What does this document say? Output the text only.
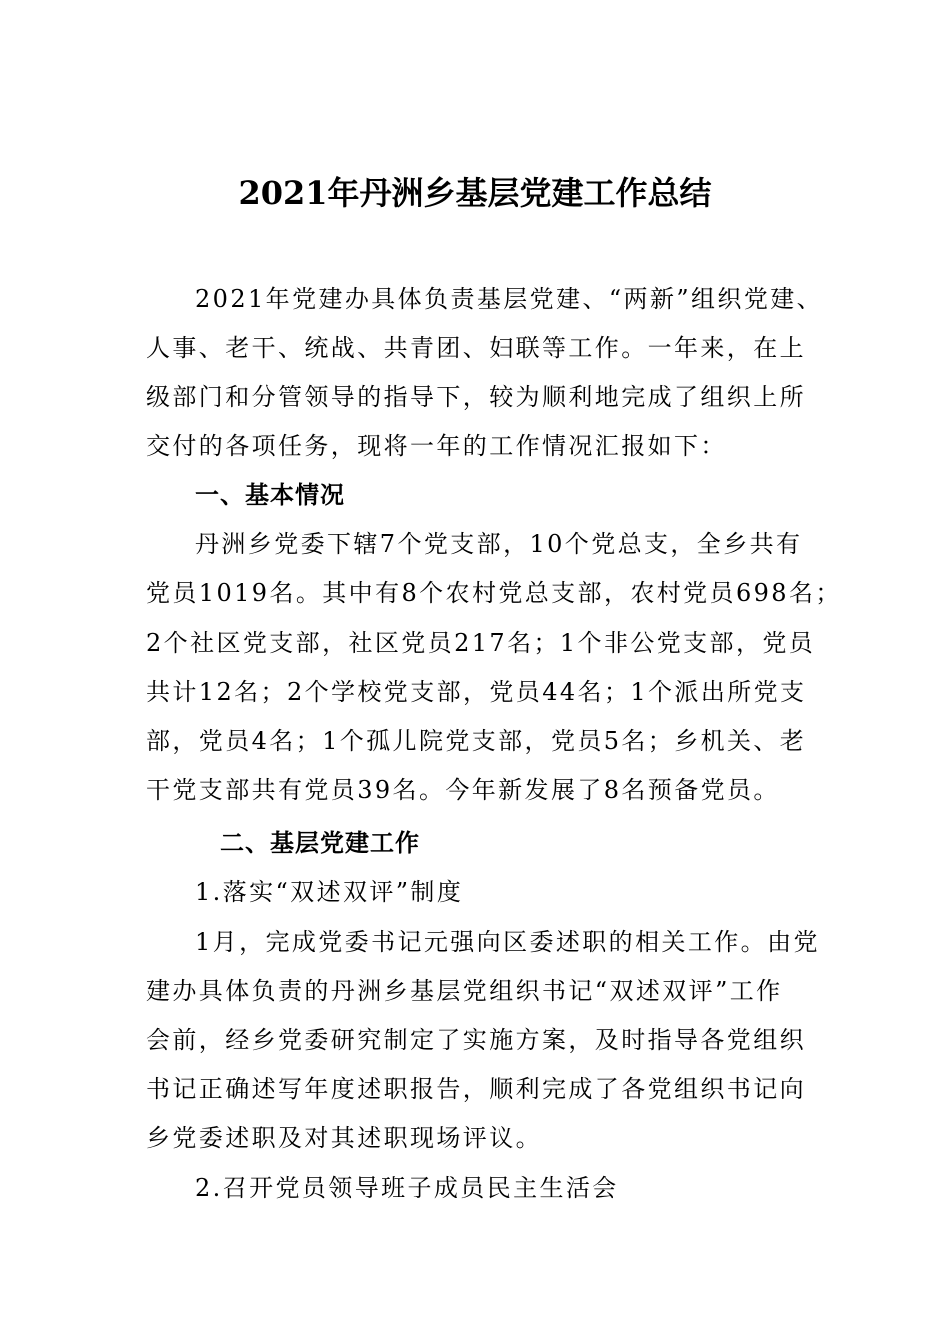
2021年丹洲乡基层党建工作总结
2021年党建办具体负责基层党建、“两新”组织党建、
人事、老干、统战、共青团、妇联等工作。一年来，在上
级部门和分管领导的指导下，较为顺利地完成了组织上所
交付的各项任务，现将一年的工作情况汇报如下：
一、基本情况
丹洲乡党委下辖7个党支部，10个党总支，全乡共有
党员1019名。其中有8个农村党总支部，农村党员698名；
2个社区党支部，社区党员217名；1个非公党支部，党员
共计12名；2个学校党支部，党员44名；1个派出所党支
部，党员4名；1个孤儿院党支部，党员5名；乡机关、老
干党支部共有党员39名。今年新发展了8名预备党员。
二、基层党建工作
1.落实“双述双评”制度
1月，完成党委书记元强向区委述职的相关工作。由党
建办具体负责的丹洲乡基层党组织书记“双述双评”工作
会前，经乡党委研究制定了实施方案，及时指导各党组织
书记正确述写年度述职报告，顺利完成了各党组织书记向
乡党委述职及对其述职现场评议。
2.召开党员领导班子成员民主生活会
